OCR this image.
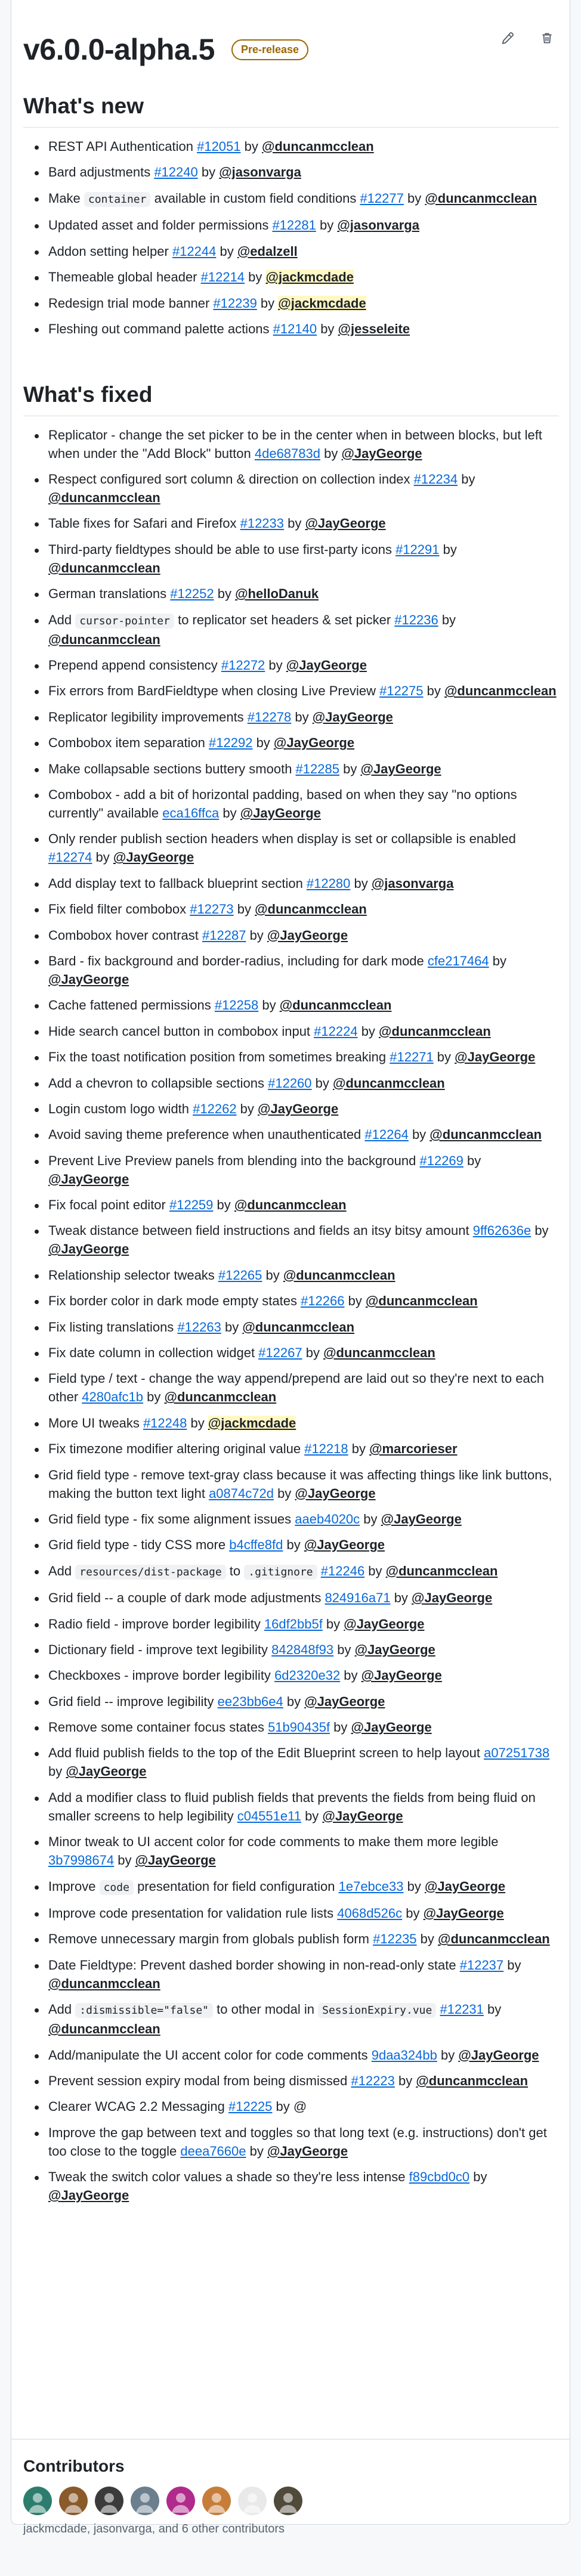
v6.0.0-alpha.5	Pre-release
What's new
REST API Authentication #12051 by @duncanmcclean
Bard adjustments #12240 by @jasonvarga
Make container available in custom field conditions #12277 by @duncanmcclean
Updated asset and folder permissions #12281 by @jasonvarga
Addon setting helper #12244 by @edalzell
Themeable global header #12214 by @jackmcdade
Redesign trial mode banner #12239 by @jackmcdade
Fleshing out command palette actions #12140 by @jesseleite
What's fixed
Replicator - change the set picker to be in the center when in between blocks, but left when under the "Add Block" button 4de68783d by @JayGeorge
Respect configured sort column & direction on collection index #12234 by @duncanmcclean
Table fixes for Safari and Firefox #12233 by @JayGeorge
Third-party fieldtypes should be able to use first-party icons #12291 by @duncanmcclean
German translations #12252 by @helloDanuk
Add cursor-pointer to replicator set headers & set picker #12236 by @duncanmcclean
Prepend append consistency #12272 by @JayGeorge
Fix errors from BardFieldtype when closing Live Preview #12275 by @duncanmcclean
Replicator legibility improvements #12278 by @JayGeorge
Combobox item separation #12292 by @JayGeorge
Make collapsable sections buttery smooth #12285 by @JayGeorge
Combobox - add a bit of horizontal padding, based on when they say "no options currently" available eca16ffca by @JayGeorge
Only render publish section headers when display is set or collapsible is enabled #12274 by @JayGeorge
Add display text to fallback blueprint section #12280 by @jasonvarga
Fix field filter combobox #12273 by @duncanmcclean
Combobox hover contrast #12287 by @JayGeorge
Bard - fix background and border-radius, including for dark mode cfe217464 by @JayGeorge
Cache fattened permissions #12258 by @duncanmcclean
Hide search cancel button in combobox input #12224 by @duncanmcclean
Fix the toast notification position from sometimes breaking #12271 by @JayGeorge
Add a chevron to collapsible sections #12260 by @duncanmcclean
Login custom logo width #12262 by @JayGeorge
Avoid saving theme preference when unauthenticated #12264 by @duncanmcclean
Prevent Live Preview panels from blending into the background #12269 by @JayGeorge
Fix focal point editor #12259 by @duncanmcclean
Tweak distance between field instructions and fields an itsy bitsy amount 9ff62636e by @JayGeorge
Relationship selector tweaks #12265 by @duncanmcclean
Fix border color in dark mode empty states #12266 by @duncanmcclean
Fix listing translations #12263 by @duncanmcclean
Fix date column in collection widget #12267 by @duncanmcclean
Field type / text - change the way append/prepend are laid out so they're next to each other 4280afc1b by @duncanmcclean
More UI tweaks #12248 by @jackmcdade
Fix timezone modifier altering original value #12218 by @marcorieser
Grid field type - remove text-gray class because it was affecting things like link buttons, making the button text light a0874c72d by @JayGeorge
Grid field type - fix some alignment issues aaeb4020c by @JayGeorge
Grid field type - tidy CSS more b4cffe8fd by @JayGeorge
Add resources/dist-package to .gitignore #12246 by @duncanmcclean
Grid field -- a couple of dark mode adjustments 824916a71 by @JayGeorge
Radio field - improve border legibility 16df2bb5f by @JayGeorge
Dictionary field - improve text legibility 842848f93 by @JayGeorge
Checkboxes - improve border legibility 6d2320e32 by @JayGeorge
Grid field -- improve legibility ee23bb6e4 by @JayGeorge
Remove some container focus states 51b90435f by @JayGeorge
Add fluid publish fields to the top of the Edit Blueprint screen to help layout a07251738 by @JayGeorge
Add a modifier class to fluid publish fields that prevents the fields from being fluid on smaller screens to help legibility c04551e11 by @JayGeorge
Minor tweak to UI accent color for code comments to make them more legible 3b7998674 by @JayGeorge
Improve code presentation for field configuration 1e7ebce33 by @JayGeorge
Improve code presentation for validation rule lists 4068d526c by @JayGeorge
Remove unnecessary margin from globals publish form #12235 by @duncanmcclean
Date Fieldtype: Prevent dashed border showing in non-read-only state #12237 by @duncanmcclean
Add :dismissible="false" to other modal in SessionExpiry.vue #12231 by @duncanmcclean
Add/manipulate the UI accent color for code comments 9daa324bb by @JayGeorge
Prevent session expiry modal from being dismissed #12223 by @duncanmcclean
Clearer WCAG 2.2 Messaging #12225 by @
Improve the gap between text and toggles so that long text (e.g. instructions) don't get too close to the toggle deea7660e by @JayGeorge
Tweak the switch color values a shade so they're less intense f89cbd0c0 by @JayGeorge
Contributors
jackmcdade, jasonvarga, and 6 other contributors
